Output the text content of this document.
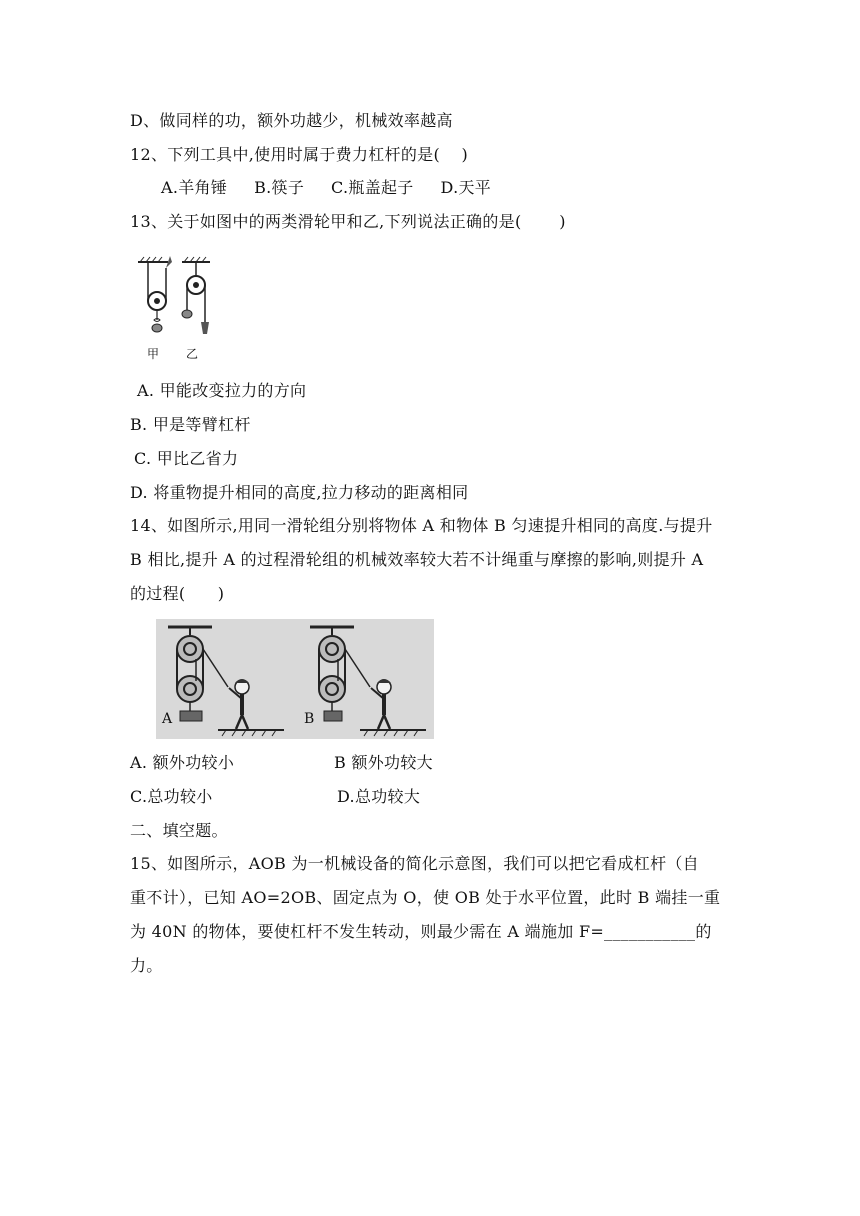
D、做同样的功，额外功越少，机械效率越高
12、下列工具中,使用时属于费力杠杆的是(    )
A.羊角锤     B.筷子     C.瓶盖起子     D.天平
13、关于如图中的两类滑轮甲和乙,下列说法正确的是(       )
甲 乙
A. 甲能改变拉力的方向
B. 甲是等臂杠杆
C. 甲比乙省力
D. 将重物提升相同的高度,拉力移动的距离相同
14、如图所示,用同一滑轮组分别将物体 A 和物体 B 匀速提升相同的高度.与提升
B 相比,提升 A 的过程滑轮组的机械效率较大若不计绳重与摩擦的影响,则提升 A
的过程(      )
A	B
A. 额外功较小	B 额外功较大
C.总功较小	D.总功较大
二、填空题。
15、如图所示，AOB 为一机械设备的简化示意图，我们可以把它看成杠杆（自
重不计），已知 AO=2OB、固定点为 O，使 OB 处于水平位置，此时 B 端挂一重
为 40N 的物体，要使杠杆不发生转动，则最少需在 A 端施加 F=___________的
力。
